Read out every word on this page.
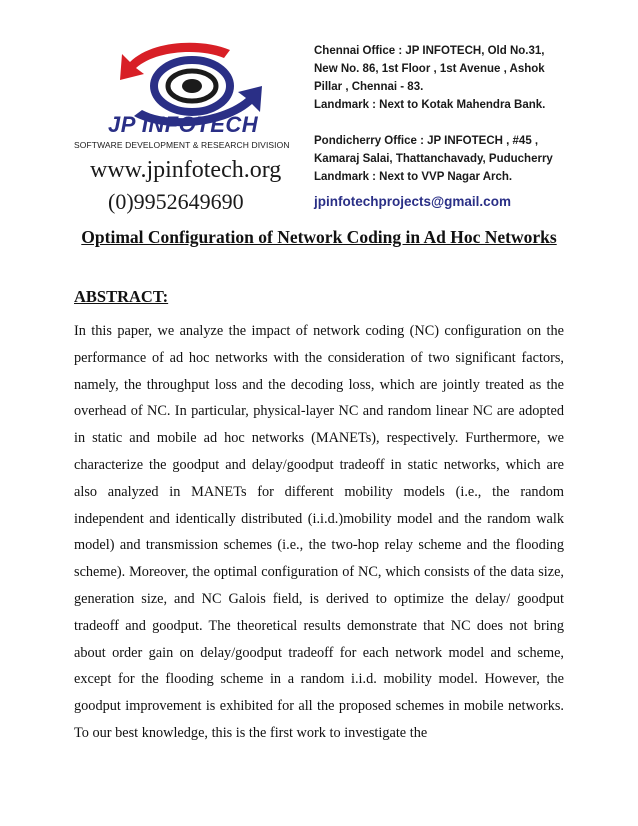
JP INFOTECH
SOFTWARE DEVELOPMENT & RESEARCH DIVISION
www.jpinfotech.org
(0)9952649690
Chennai Office : JP INFOTECH, Old No.31,
New No. 86, 1st Floor , 1st Avenue , Ashok
Pillar , Chennai - 83.
Landmark : Next to Kotak Mahendra Bank.
Pondicherry Office : JP INFOTECH , #45 ,
Kamaraj Salai, Thattanchavady, Puducherry
Landmark : Next to VVP Nagar Arch.
jpinfotechprojects@gmail.com
Optimal Configuration of Network Coding in Ad Hoc Networks
ABSTRACT:

In this paper, we analyze the impact of network coding (NC) configuration on the performance of ad hoc networks with the consideration of two significant factors, namely, the throughput loss and the decoding loss, which are jointly treated as the overhead of NC. In particular, physical-layer NC and random linear NC are adopted in static and mobile ad hoc networks (MANETs), respectively. Furthermore, we characterize the goodput and delay/goodput tradeoff in static networks, which are also analyzed in MANETs for different mobility models (i.e., the random independent and identically distributed (i.i.d.)mobility model and the random walk model) and transmission schemes (i.e., the two-hop relay scheme and the flooding scheme). Moreover, the optimal configuration of NC, which consists of the data size, generation size, and NC Galois field, is derived to optimize the delay/ goodput tradeoff and goodput. The theoretical results demonstrate that NC does not bring about order gain on delay/goodput tradeoff for each network model and scheme, except for the flooding scheme in a random i.i.d. mobility model. However, the goodput improvement is exhibited for all the proposed schemes in mobile networks. To our best knowledge, this is the first work to investigate the
